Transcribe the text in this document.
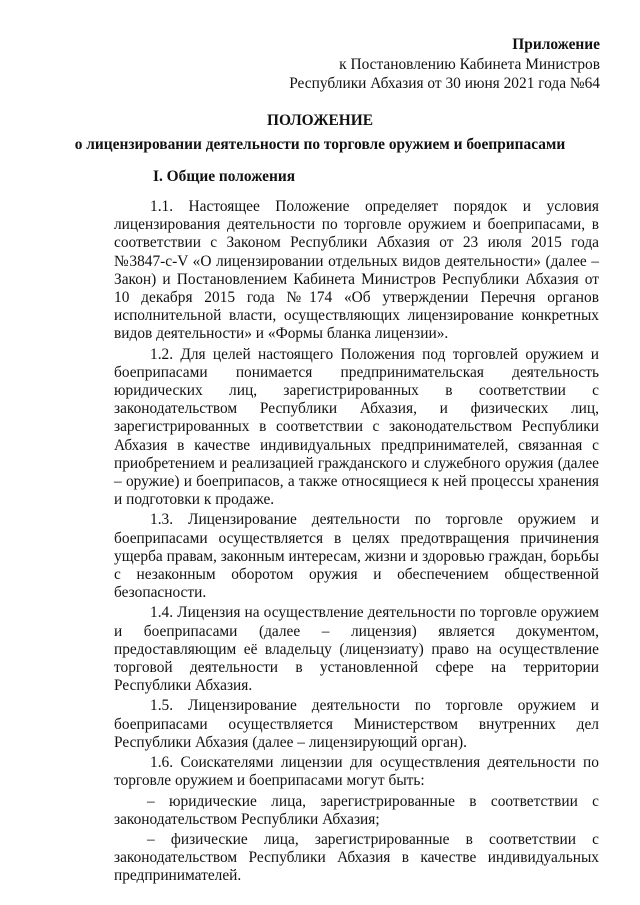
Приложение
к Постановлению Кабинета Министров
Республики Абхазия от 30 июня 2021 года №64
ПОЛОЖЕНИЕ
о лицензировании деятельности по торговле оружием и боеприпасами
I. Общие положения

1.1. Настоящее Положение определяет порядок и условия лицензирования деятельности по торговле оружием и боеприпасами, в соответствии с Законом Республики Абхазия от 23 июля 2015 года №3847-с-V «О лицензировании отдельных видов деятельности» (далее – Закон) и Постановлением Кабинета Министров Республики Абхазия от 10 декабря 2015 года №174 «Об утверждении Перечня органов исполнительной власти, осуществляющих лицензирование конкретных видов деятельности» и «Формы бланка лицензии».

1.2. Для целей настоящего Положения под торговлей оружием и боеприпасами понимается предпринимательская деятельность юридических лиц, зарегистрированных в соответствии с законодательством Республики Абхазия, и физических лиц, зарегистрированных в соответствии с законодательством Республики Абхазия в качестве индивидуальных предпринимателей, связанная с приобретением и реализацией гражданского и служебного оружия (далее – оружие) и боеприпасов, а также относящиеся к ней процессы хранения и подготовки к продаже.

1.3. Лицензирование деятельности по торговле оружием и боеприпасами осуществляется в целях предотвращения причинения ущерба правам, законным интересам, жизни и здоровью граждан, борьбы с незаконным оборотом оружия и обеспечением общественной безопасности.

1.4. Лицензия на осуществление деятельности по торговле оружием и боеприпасами (далее – лицензия) является документом, предоставляющим её владельцу (лицензиату) право на осуществление торговой деятельности в установленной сфере на территории Республики Абхазия.

1.5. Лицензирование деятельности по торговле оружием и боеприпасами осуществляется Министерством внутренних дел Республики Абхазия (далее – лицензирующий орган).

1.6. Соискателями лицензии для осуществления деятельности по торговле оружием и боеприпасами могут быть:

– юридические лица, зарегистрированные в соответствии с законодательством Республики Абхазия;

– физические лица, зарегистрированные в соответствии с законодательством Республики Абхазия в качестве индивидуальных предпринимателей.
